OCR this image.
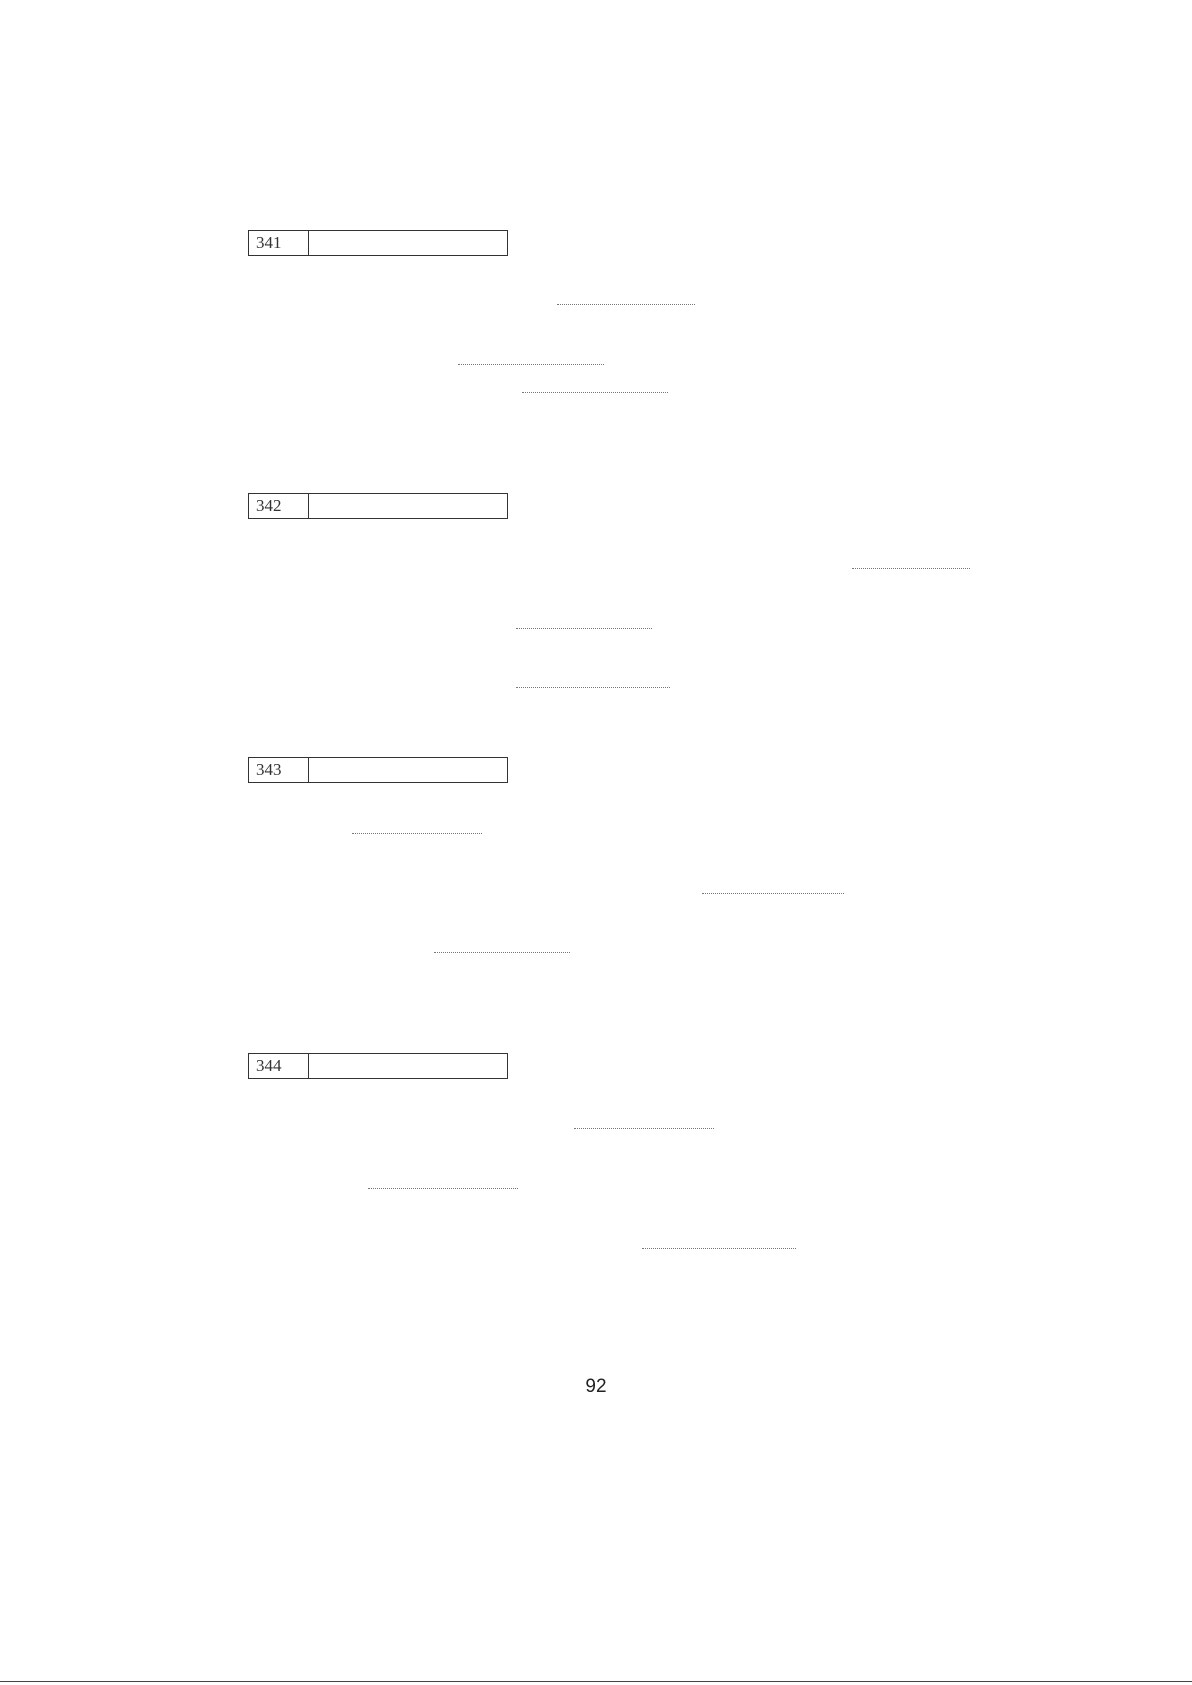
341
342
343
344
92
